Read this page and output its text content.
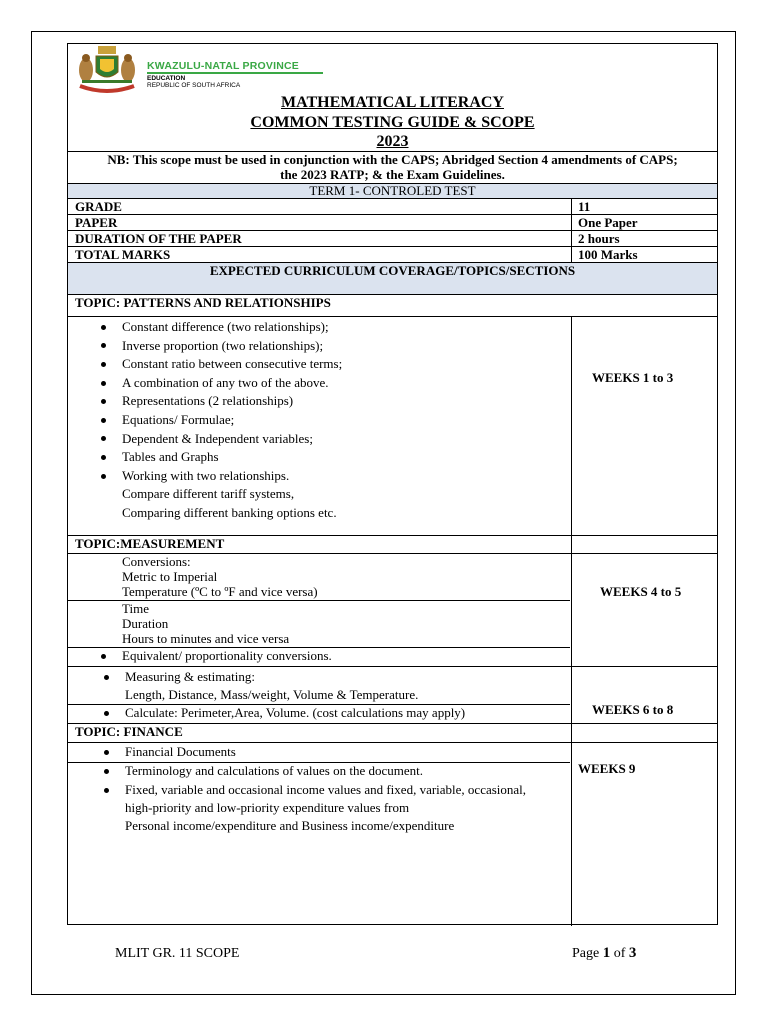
KWAZULU-NATAL PROVINCE
EDUCATION
REPUBLIC OF SOUTH AFRICA
MATHEMATICAL LITERACY
COMMON TESTING GUIDE & SCOPE
2023
NB: This scope must be used in conjunction with the CAPS; Abridged Section 4 amendments of CAPS;
the 2023 RATP; & the Exam Guidelines.
TERM 1- CONTROLED TEST
GRADE	11
PAPER	One Paper
DURATION OF THE PAPER	2 hours
TOTAL MARKS	100 Marks
EXPECTED CURRICULUM COVERAGE/TOPICS/SECTIONS
TOPIC: PATTERNS AND RELATIONSHIPS
Constant difference (two relationships);
Inverse proportion (two relationships);
Constant ratio between consecutive terms;
A combination of any two of the above.
Representations (2 relationships)
Equations/ Formulae;
Dependent & Independent variables;
Tables and Graphs
Working with two relationships.
Compare different tariff systems,
Comparing different banking options etc.
WEEKS 1 to 3
TOPIC:MEASUREMENT
Conversions:
Metric to Imperial
Temperature (ºC to ºF and vice versa)
Time
Duration
Hours to minutes and vice versa
Equivalent/ proportionality conversions.
WEEKS 4 to 5
Measuring & estimating:
Length, Distance, Mass/weight, Volume & Temperature.
Calculate: Perimeter,Area, Volume. (cost calculations may apply)	WEEKS 6 to 8
TOPIC: FINANCE
Financial Documents
Terminology and calculations of values on the document.
Fixed, variable and occasional income values and fixed, variable, occasional,
high-priority and low-priority expenditure values from
Personal income/expenditure and Business income/expenditure
WEEKS 9
MLIT GR. 11 SCOPE	Page 1 of 3
